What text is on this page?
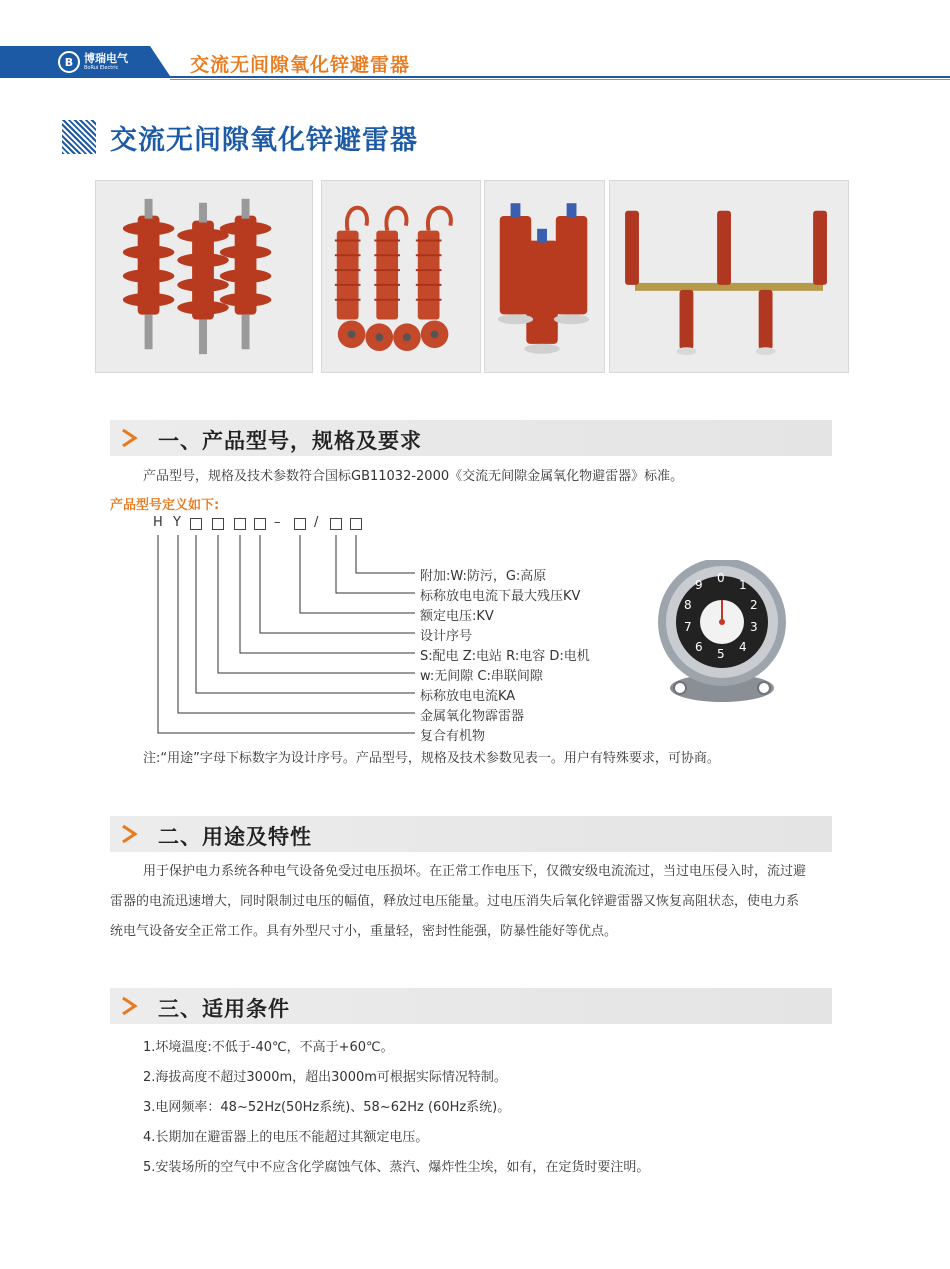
B 博瑞电气
BoRui Electric	交流无间隙氧化锌避雷器
交流无间隙氧化锌避雷器
一、产品型号，规格及要求
产品型号，规格及技术参数符合国标GB11032-2000《交流无间隙金属氧化物避雷器》标准。
产品型号定义如下:
H Y	–	/
附加:W:防污，G:高原
标称放电电流下最大残压KV
额定电压:KV
设计序号
S:配电 Z:电站 R:电容 D:电机
w:无间隙 C:串联间隙
标称放电电流KA
金属氧化物霹雷器
复合有机物
0 1
2
3
4
5
6
7
8
9
注:“用途”字母下标数字为设计序号。产品型号，规格及技术参数见表一。用户有特殊要求，可协商。
二、用途及特性
用于保护电力系统各种电气设备免受过电压损坏。在正常工作电压下，仅微安级电流流过，当过电压侵入时，流过避
雷器的电流迅速增大，同时限制过电压的幅值，释放过电压能量。过电压消失后氧化锌避雷器又恢复高阻状态，使电力系
统电气设备安全正常工作。具有外型尺寸小，重量轻，密封性能强，防暴性能好等优点。
三、适用条件
1.坏境温度:不低于-40℃，不高于+60℃。
2.海拔高度不超过3000m，超出3000m可根据实际情况特制。
3.电网频率：48~52Hz(50Hz系统)、58~62Hz (60Hz系统)。
4.长期加在避雷器上的电压不能超过其额定电压。
5.安装场所的空气中不应含化学腐蚀气体、蒸汽、爆炸性尘埃，如有，在定货时要注明。
